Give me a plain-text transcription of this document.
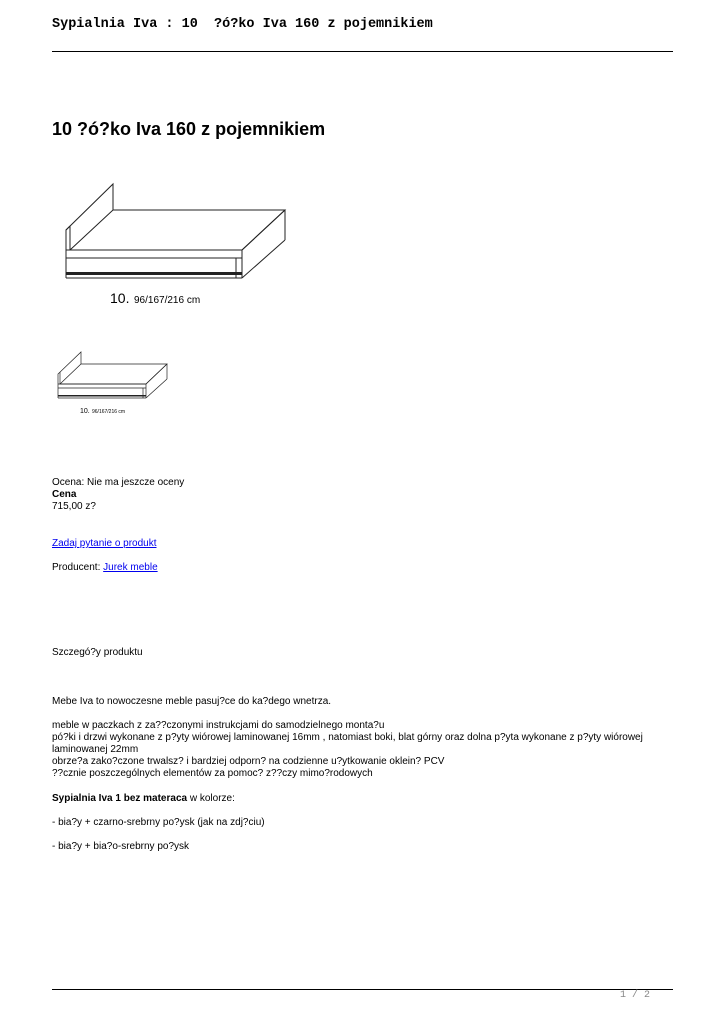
Sypialnia Iva : 10  ?ó?ko Iva 160 z pojemnikiem
10 ?ó?ko Iva 160 z pojemnikiem
10. 96/167/216 cm
10. 96/167/216 cm
Ocena: Nie ma jeszcze oceny
Cena
715,00 z?
Zadaj pytanie o produkt
Producent: Jurek meble
Szczegó?y produktu
Mebe Iva to nowoczesne meble pasuj?ce do ka?dego wnetrza.
meble w paczkach z za??czonymi instrukcjami do samodzielnego monta?u
pó?ki i drzwi wykonane z p?yty wiórowej laminowanej 16mm , natomiast boki, blat górny oraz dolna p?yta wykonane z p?yty wiórowej
laminowanej 22mm
obrze?a zako?czone trwalsz? i bardziej odporn? na codzienne u?ytkowanie oklein? PCV
??cznie poszczególnych elementów za pomoc? z??czy mimo?rodowych
Sypialnia Iva 1 bez materaca w kolorze:
- bia?y + czarno-srebrny po?ysk (jak na zdj?ciu)
- bia?y + bia?o-srebrny po?ysk
1 / 2
